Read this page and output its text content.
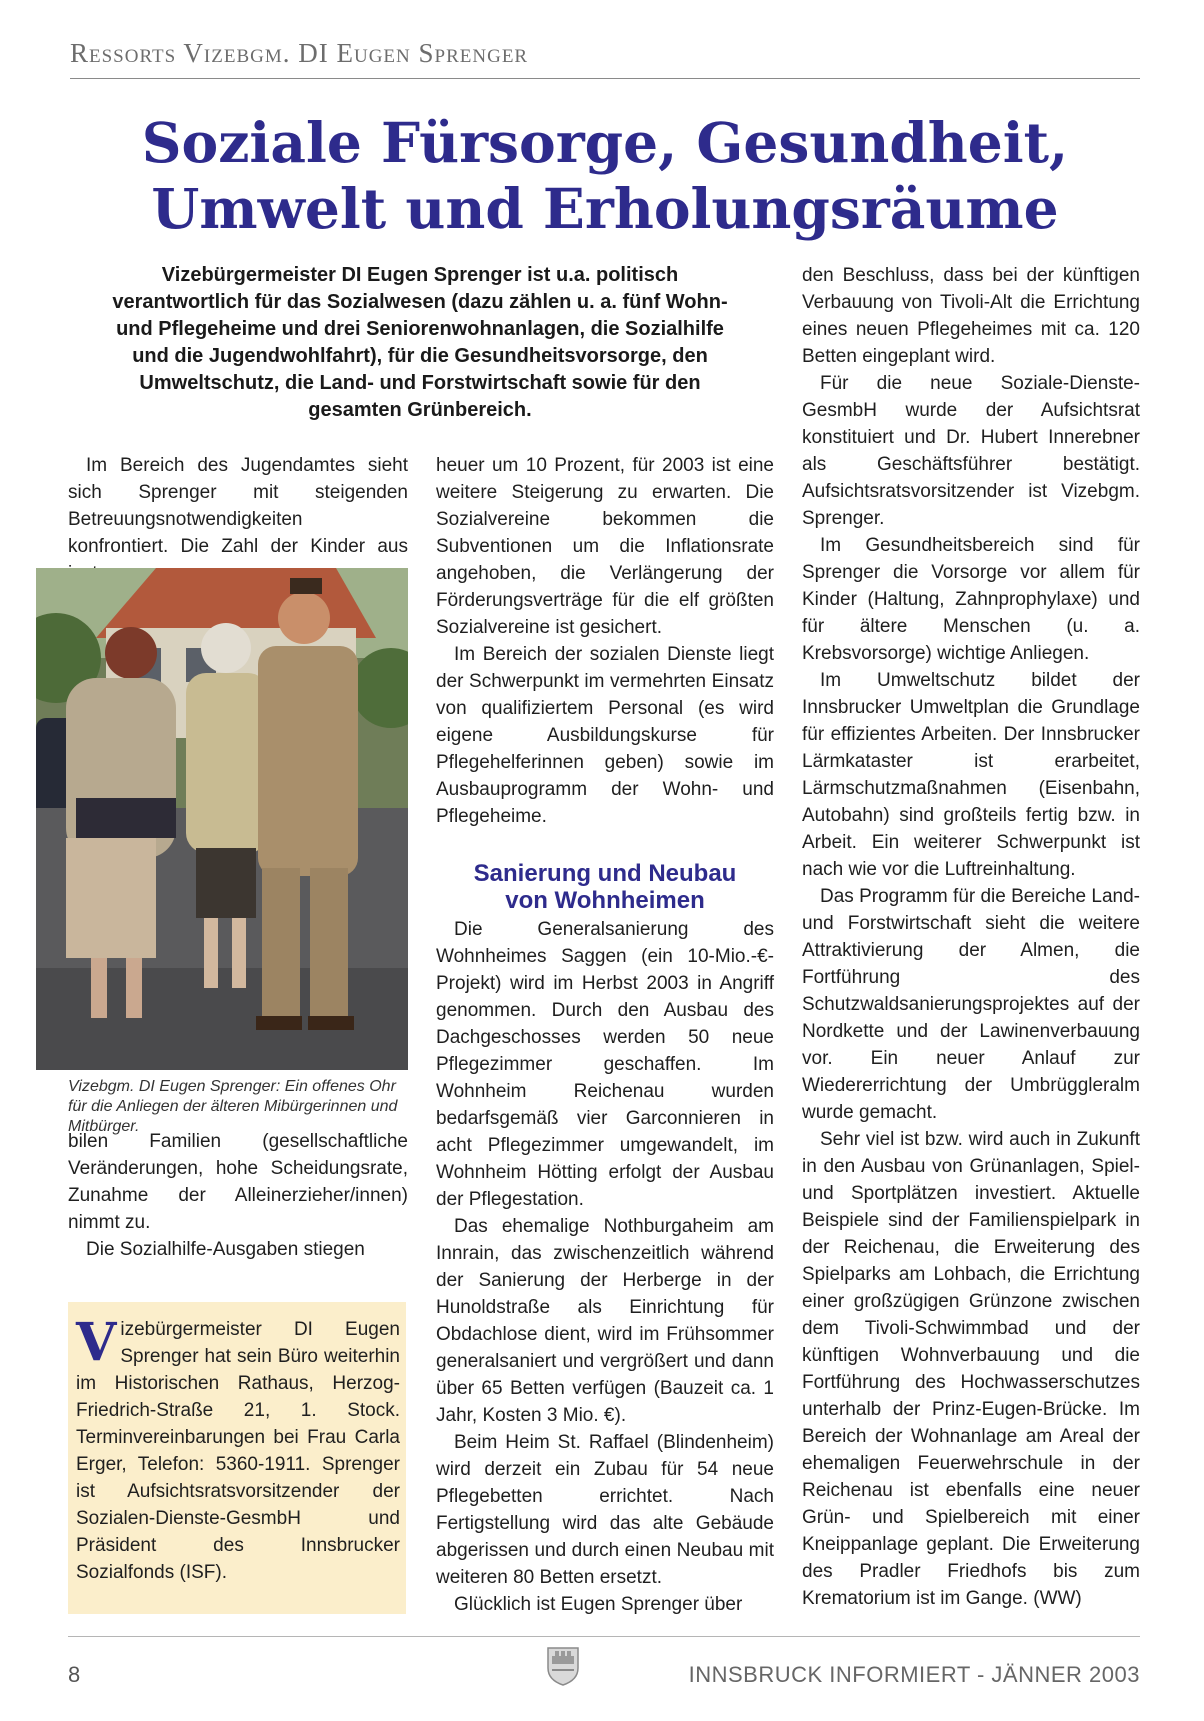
Ressorts Vizebgm. DI Eugen Sprenger
Soziale Fürsorge, Gesundheit,
Umwelt und Erholungsräume

Vizebürgermeister DI Eugen Sprenger ist u.a. politisch verantwortlich für das Sozialwesen (dazu zählen u. a. fünf Wohn- und Pflegeheime und drei Seniorenwohnanlagen, die Sozialhilfe und die Jugendwohlfahrt), für die Gesundheitsvorsorge, den Umweltschutz, die Land- und Forstwirtschaft sowie für den gesamten Grünbereich.

Im Bereich des Jugendamtes sieht sich Sprenger mit steigenden Betreuungsnotwendigkeiten konfrontiert. Die Zahl der Kinder aus

Vizebgm. DI Eugen Sprenger: Ein offenes Ohr für die Anliegen der älteren Mibürgerinnen und Mitbürger.

bilen Familien (gesellschaftliche Veränderungen, hohe Scheidungsrate, Zunahme der Alleinerzieher/innen) nimmt zu.

Die Sozialhilfe-Ausgaben stiegen

V izebürgermeister DI Eugen Sprenger hat sein Büro weiterhin im Historischen Rathaus, Herzog-Friedrich-Straße 21, 1. Stock. Terminvereinbarungen bei Frau Carla Erger, Telefon: 5360-1911. Sprenger ist Aufsichtsratsvorsitzender der Sozialen-Dienste-GesmbH und Präsident des Innsbrucker Sozialfonds (ISF).

heuer um 10 Prozent, für 2003 ist eine weitere Steigerung zu erwarten. Die Sozialvereine bekommen die Subventionen um die Inflationsrate angehoben, die Verlängerung der Förderungsverträge für die elf größten Sozialvereine ist gesichert.

Im Bereich der sozialen Dienste liegt der Schwerpunkt im vermehrten Einsatz von qualifiziertem Personal (es wird eigene Ausbildungskurse für Pflegehelferinnen geben) sowie im Ausbauprogramm der Wohn- und Pflegeheime.

Sanierung und Neubau
von Wohnheimen

Die Generalsanierung des Wohnheimes Saggen (ein 10-Mio.-€-Projekt) wird im Herbst 2003 in Angriff genommen. Durch den Ausbau des Dachgeschosses werden 50 neue Pflegezimmer geschaffen. Im Wohnheim Reichenau wurden bedarfsgemäß vier Garconnieren in acht Pflegezimmer umgewandelt, im Wohnheim Hötting erfolgt der Ausbau der Pflegestation.

Das ehemalige Nothburgaheim am Innrain, das zwischenzeitlich während der Sanierung der Herberge in der Hunoldstraße als Einrichtung für Obdachlose dient, wird im Frühsommer generalsaniert und vergrößert und dann über 65 Betten verfügen (Bauzeit ca. 1 Jahr, Kosten 3 Mio. €).

Beim Heim St. Raffael (Blindenheim) wird derzeit ein Zubau für 54 neue Pflegebetten errichtet. Nach Fertigstellung wird das alte Gebäude abgerissen und durch einen Neubau mit weiteren 80 Betten ersetzt.

Glücklich ist Eugen Sprenger über

den Beschluss, dass bei der künftigen Verbauung von Tivoli-Alt die Errichtung eines neuen Pflegeheimes mit ca. 120 Betten eingeplant wird.

Für die neue Soziale-Dienste-GesmbH wurde der Aufsichtsrat konstituiert und Dr. Hubert Innerebner als Geschäftsführer bestätigt. Aufsichtsratsvorsitzender ist Vizebgm. Sprenger.

Im Gesundheitsbereich sind für Sprenger die Vorsorge vor allem für Kinder (Haltung, Zahnprophylaxe) und für ältere Menschen (u. a. Krebsvorsorge) wichtige Anliegen.

Im Umweltschutz bildet der Innsbrucker Umweltplan die Grundlage für effizientes Arbeiten. Der Innsbrucker Lärmkataster ist erarbeitet, Lärmschutzmaßnahmen (Eisenbahn, Autobahn) sind großteils fertig bzw. in Arbeit. Ein weiterer Schwerpunkt ist nach wie vor die Luftreinhaltung.

Das Programm für die Bereiche Land- und Forstwirtschaft sieht die weitere Attraktivierung der Almen, die Fortführung des Schutzwaldsanierungsprojektes auf der Nordkette und der Lawinenverbauung vor. Ein neuer Anlauf zur Wiedererrichtung der Umbrüggleralm wurde gemacht.

Sehr viel ist bzw. wird auch in Zukunft in den Ausbau von Grünanlagen, Spiel- und Sportplätzen investiert. Aktuelle Beispiele sind der Familienspielpark in der Reichenau, die Erweiterung des Spielparks am Lohbach, die Errichtung einer großzügigen Grünzone zwischen dem Tivoli-Schwimmbad und der künftigen Wohnverbauung und die Fortführung des Hochwasserschutzes unterhalb der Prinz-Eugen-Brücke. Im Bereich der Wohnanlage am Areal der ehemaligen Feuerwehrschule in der Reichenau ist ebenfalls eine neuer Grün- und Spielbereich mit einer Kneippanlage geplant. Die Erweiterung des Pradler Friedhofs bis zum Krematorium ist im Gange. (WW)

8	INNSBRUCK INFORMIERT - JÄNNER 2003
